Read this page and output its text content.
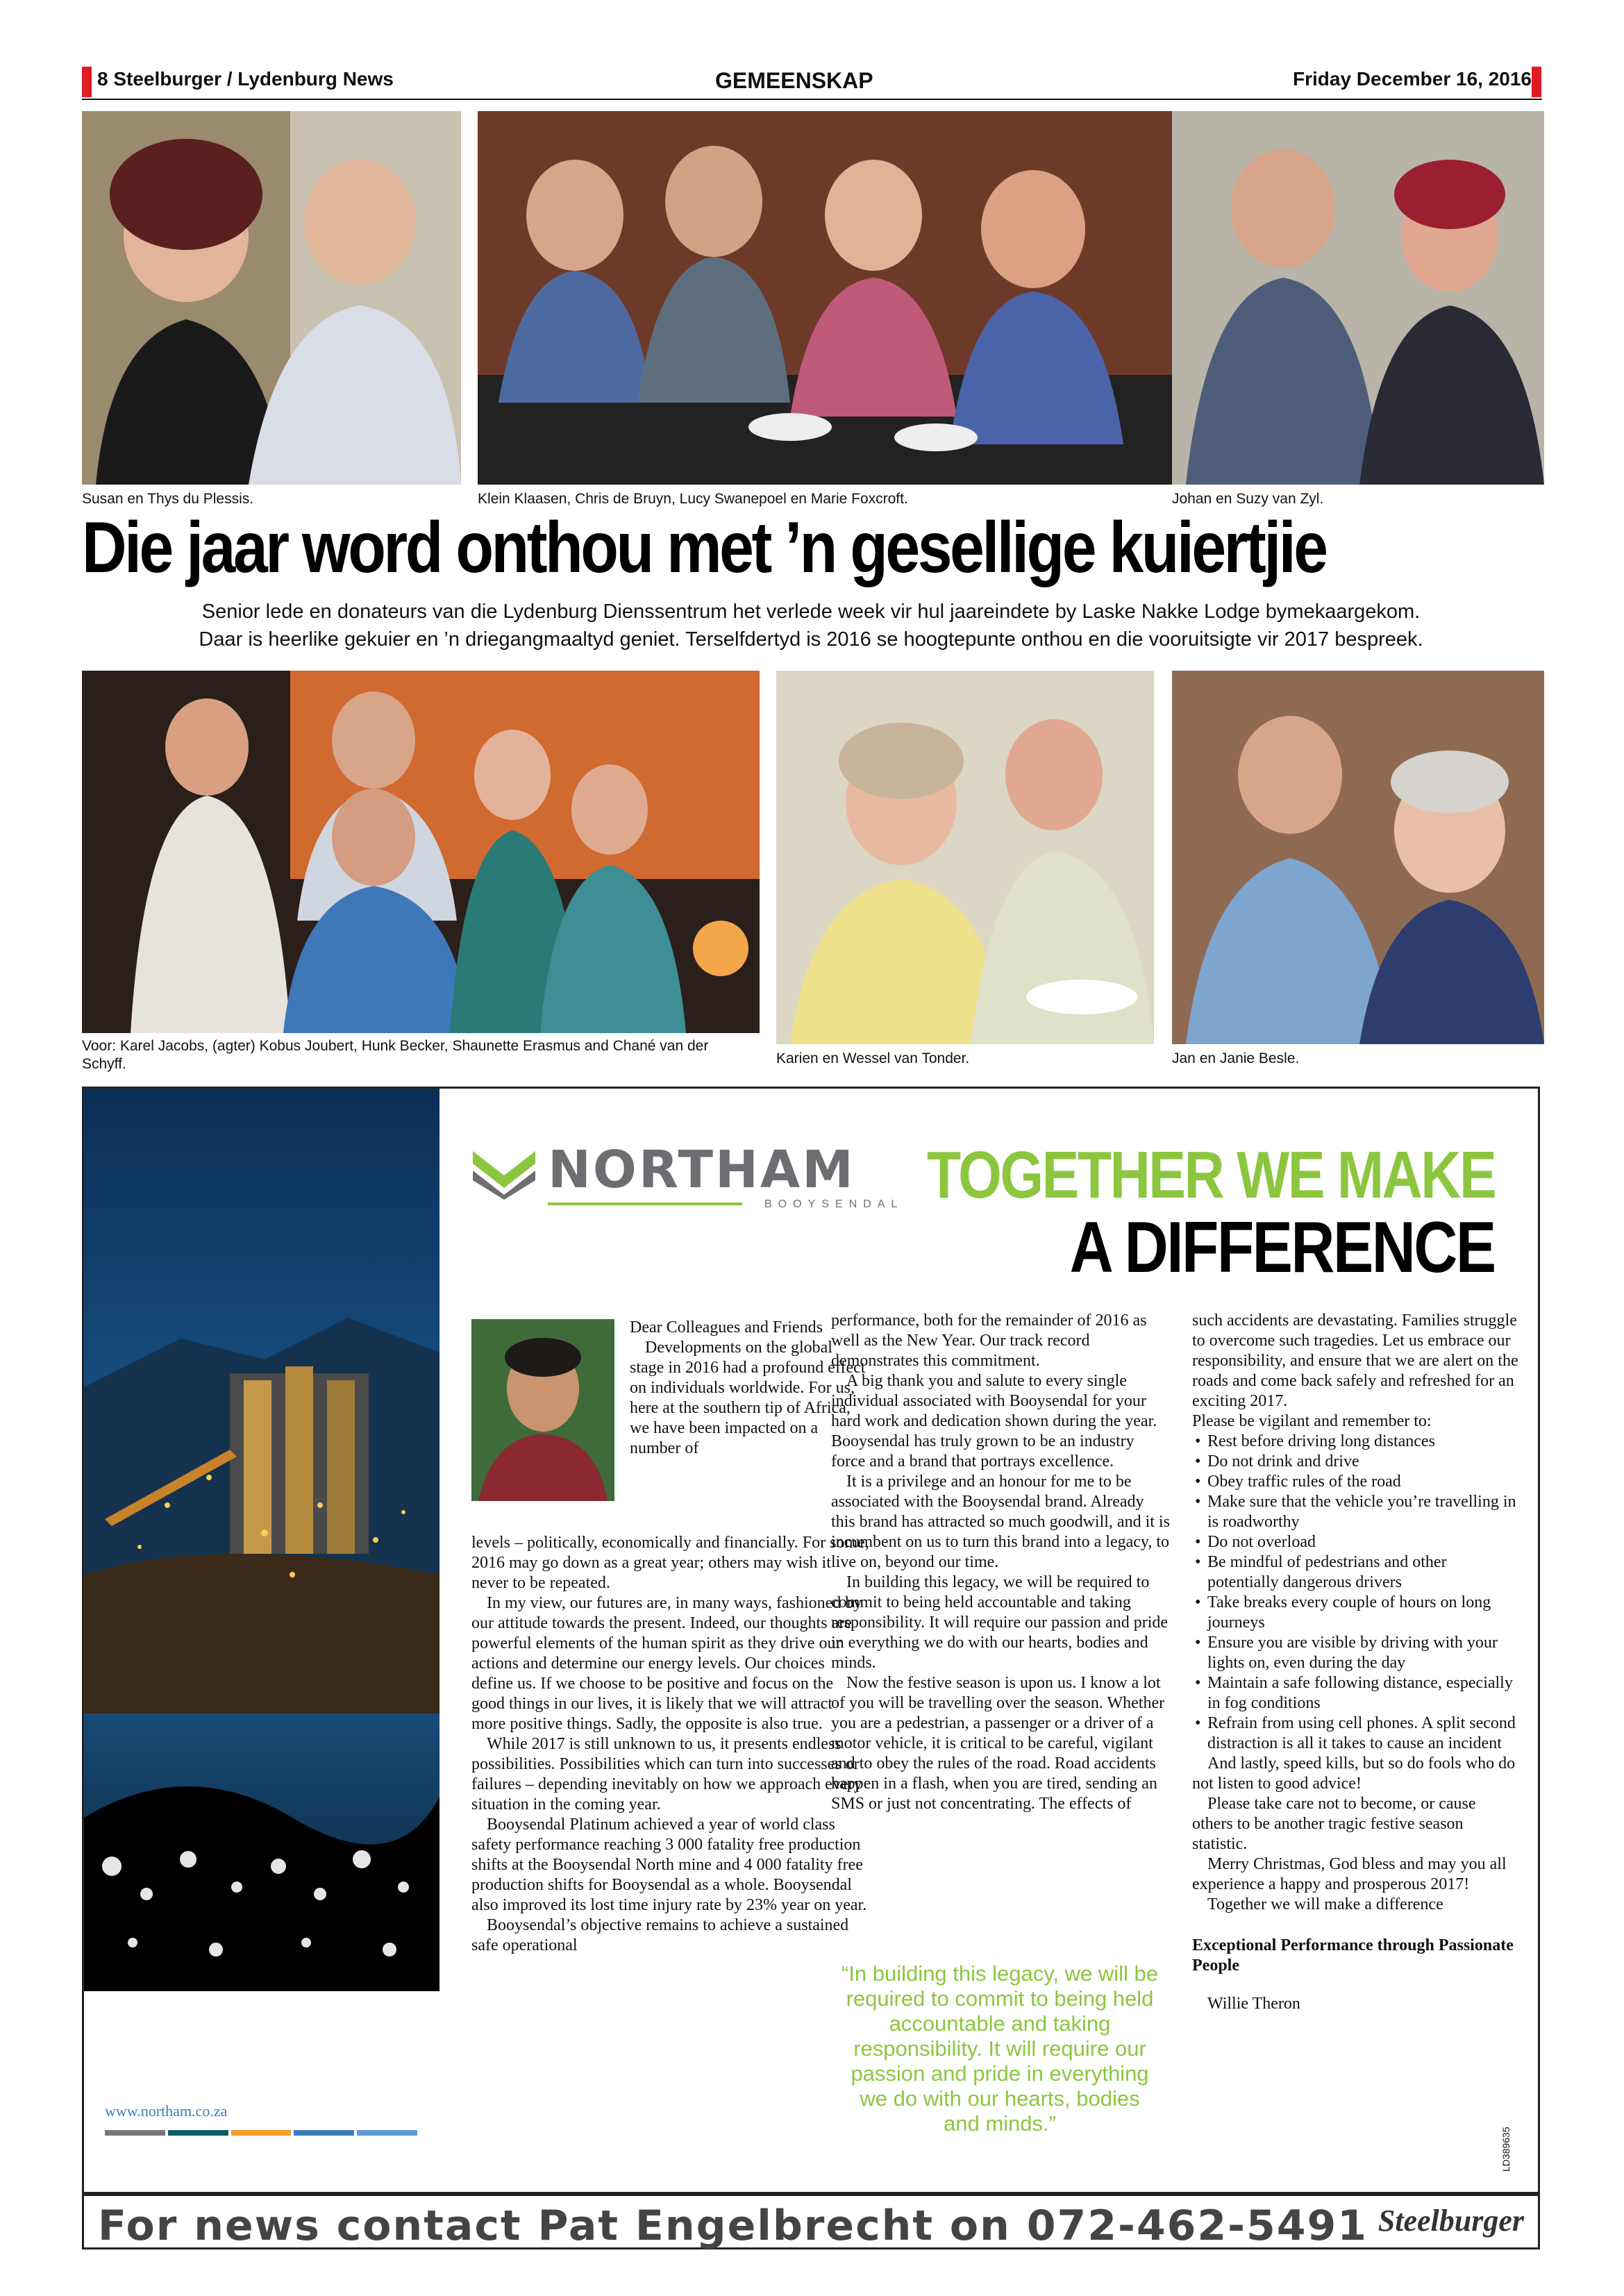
8 Steelburger / Lydenburg News	GEMEENSKAP	Friday December 16, 2016
Susan en Thys du Plessis.	Klein Klaasen, Chris de Bruyn, Lucy Swanepoel en Marie Foxcroft.	Johan en Suzy van Zyl.
Die jaar word onthou met ’n gesellige kuiertjie
Senior lede en donateurs van die Lydenburg Dienssentrum het verlede week vir hul jaareindete by Laske Nakke Lodge bymekaargekom.
Daar is heerlike gekuier en ’n driegangmaaltyd geniet. Terselfdertyd is 2016 se hoogtepunte onthou en die vooruitsigte vir 2017 bespreek.
Voor: Karel Jacobs, (agter) Kobus Joubert, Hunk Becker, Shaunette Erasmus and Chané van der Schyff.	Karien en Wessel van Tonder.	Jan en Janie Besle.
www.northam.co.za
NORTHAM
BOOYSENDAL TOGETHER WE MAKE
A DIFFERENCE

Dear Colleagues and Friends

Developments on the global stage in 2016 had a profound effect on individuals worldwide. For us, here at the southern tip of Africa, we have been impacted on a number of

levels – politically, economically and financially. For some, 2016 may go down as a great year; others may wish it never to be repeated.

In my view, our futures are, in many ways, fashioned by our attitude towards the present. Indeed, our thoughts are powerful elements of the human spirit as they drive our actions and determine our energy levels. Our choices define us. If we choose to be positive and focus on the good things in our lives, it is likely that we will attract more positive things. Sadly, the opposite is also true.

While 2017 is still unknown to us, it presents endless possibilities. Possibilities which can turn into successes or failures – depending inevitably on how we approach every situation in the coming year.

Booysendal Platinum achieved a year of world class safety performance reaching 3 000 fatality free production shifts at the Booysendal North mine and 4 000 fatality free production shifts for Booysendal as a whole. Booysendal also improved its lost time injury rate by 23% year on year.

Booysendal’s objective remains to achieve a sustained safe operational

performance, both for the remainder of 2016 as well as the New Year. Our track record demonstrates this commitment.

A big thank you and salute to every single individual associated with Booysendal for your hard work and dedication shown during the year. Booysendal has truly grown to be an industry force and a brand that portrays excellence.

It is a privilege and an honour for me to be associated with the Booysendal brand. Already this brand has attracted so much goodwill, and it is incumbent on us to turn this brand into a legacy, to live on, beyond our time.

In building this legacy, we will be required to commit to being held accountable and taking responsibility. It will require our passion and pride in everything we do with our hearts, bodies and minds.

Now the festive season is upon us. I know a lot of you will be travelling over the season. Whether you are a pedestrian, a passenger or a driver of a motor vehicle, it is critical to be careful, vigilant and to obey the rules of the road. Road accidents happen in a flash, when you are tired, sending an SMS or just not concentrating. The effects of

such accidents are devastating. Families struggle to overcome such tragedies. Let us embrace our responsibility, and ensure that we are alert on the roads and come back safely and refreshed for an exciting 2017.

Please be vigilant and remember to:

• Rest before driving long distances
• Do not drink and drive
• Obey traffic rules of the road
• Make sure that the vehicle you’re travelling in is roadworthy
• Do not overload
• Be mindful of pedestrians and other potentially dangerous drivers
• Take breaks every couple of hours on long journeys
• Ensure you are visible by driving with your lights on, even during the day
• Maintain a safe following distance, especially in fog conditions
• Refrain from using cell phones. A split second distraction is all it takes to cause an incident

And lastly, speed kills, but so do fools who do not listen to good advice!

Please take care not to become, or cause others to be another tragic festive season statistic.

Merry Christmas, God bless and may you all experience a happy and prosperous 2017!

Together we will make a difference

Exceptional Performance through Passionate People

Willie Theron

LD389635
“In building this legacy, we will be required to commit to being held accountable and taking responsibility. It will require our passion and pride in everything we do with our hearts, bodies and minds.”
For news contact Pat Engelbrecht on 072-462-5491 Steelburger
